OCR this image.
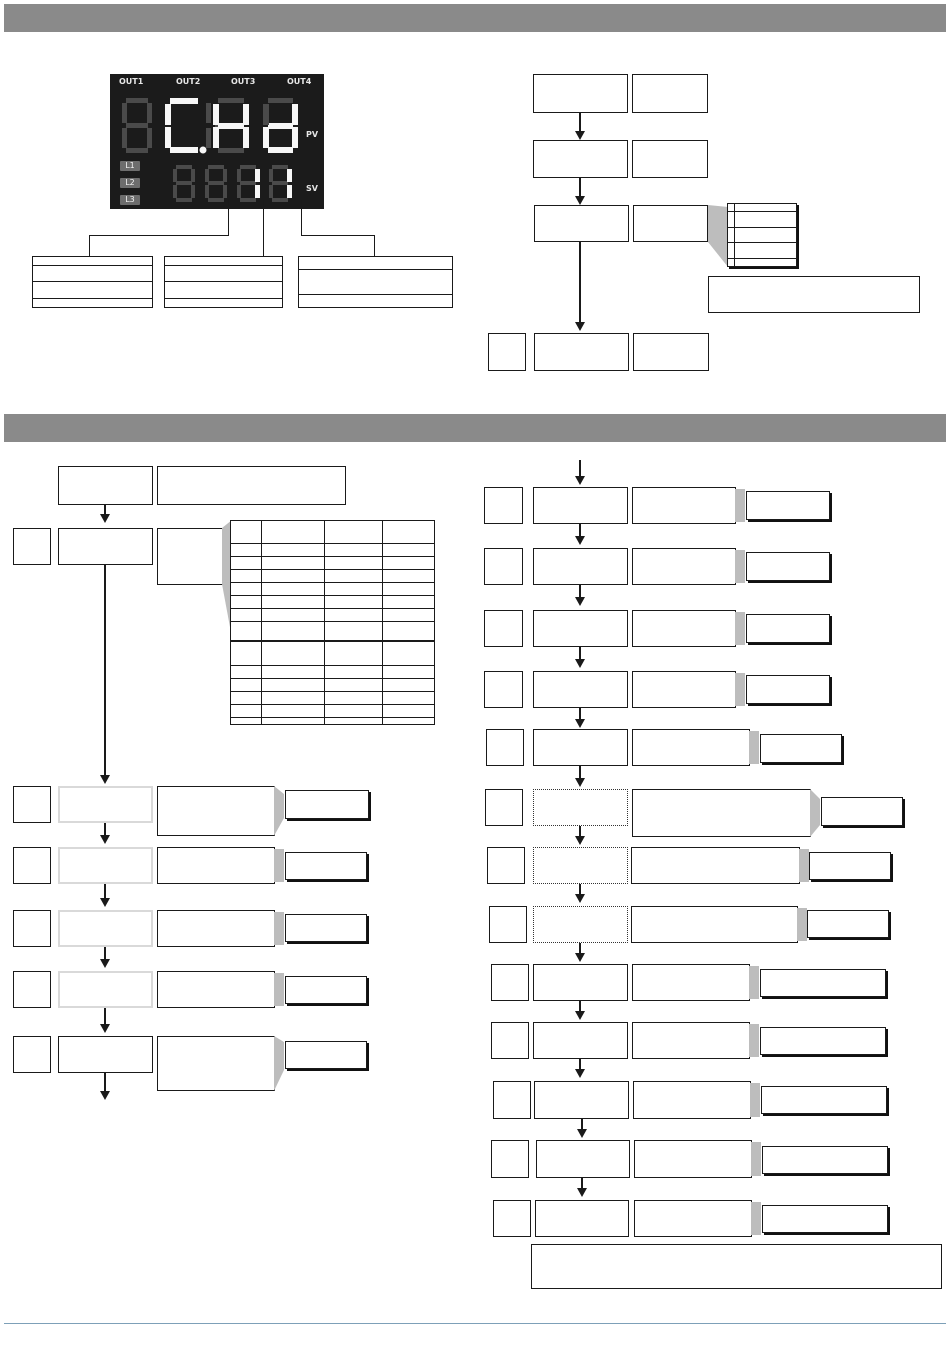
OUT1	OUT2	OUT3	OUT4
PV
SV
L1
L2
L3
